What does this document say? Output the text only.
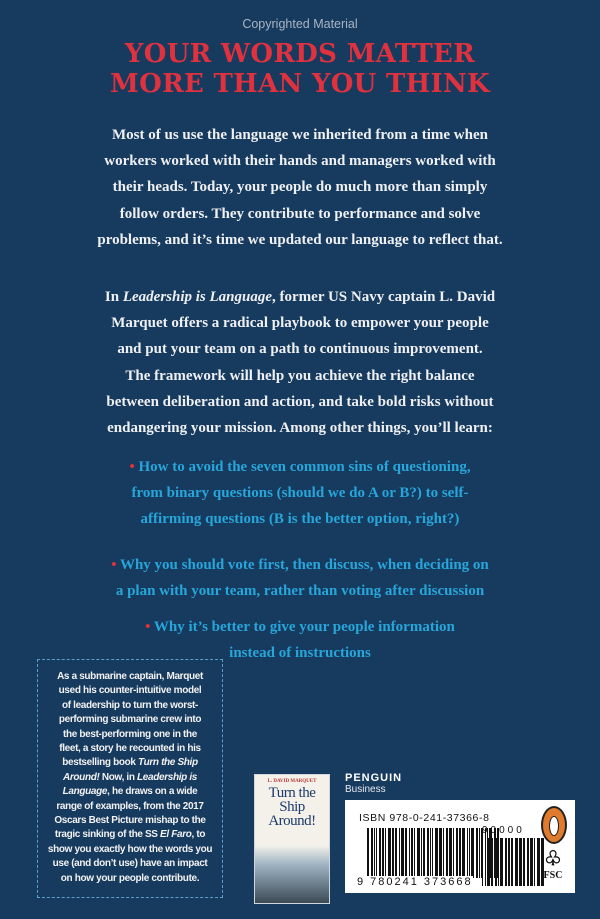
Copyrighted Material
YOUR WORDS MATTER
MORE THAN YOU THINK
Most of us use the language we inherited from a time when
workers worked with their hands and managers worked with
their heads. Today, your people do much more than simply
follow orders. They contribute to performance and solve
problems, and it’s time we updated our language to reflect that.
In Leadership is Language, former US Navy captain L. David
Marquet offers a radical playbook to empower your people
and put your team on a path to continuous improvement.
The framework will help you achieve the right balance
between deliberation and action, and take bold risks without
endangering your mission. Among other things, you’ll learn:
• How to avoid the seven common sins of questioning,
from binary questions (should we do A or B?) to self-
affirming questions (B is the better option, right?)
• Why you should vote first, then discuss, when deciding on
a plan with your team, rather than voting after discussion
• Why it’s better to give your people information
instead of instructions
As a submarine captain, Marquet
used his counter-intuitive model
of leadership to turn the worst-
performing submarine crew into
the best-performing one in the
fleet, a story he recounted in his
bestselling book Turn the Ship
Around! Now, in Leadership is
Language, he draws on a wide
range of examples, from the 2017
Oscars Best Picture mishap to the
tragic sinking of the SS El Faro, to
show you exactly how the words you
use (and don’t use) have an impact
on how your people contribute.
L. DAVID MARQUET
Turn the Ship Around!
PENGUIN
Business
ISBN 978-0-241-37366-8
9 780241 373668
90000
♧
FSC
